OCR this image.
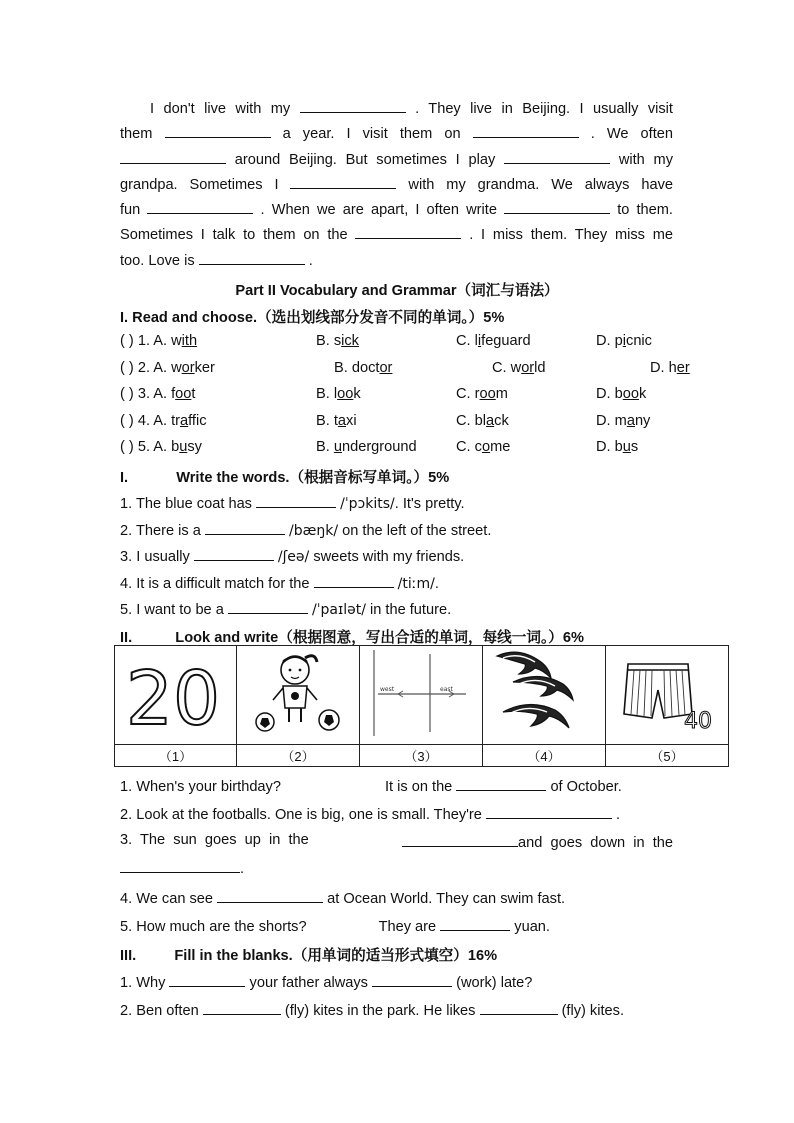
I don't live with my	. They live in Beijing. I usually visit
them	a year. I visit them on	. We often
around Beijing. But sometimes I play	with my
grandpa. Sometimes I	with my grandma. We always have
fun	. When we are apart, I often write	to them.
Sometimes I talk to them on the	. I miss them. They miss me
too. Love is	.
Part II Vocabulary and Grammar（词汇与语法）
I. Read and choose.（选出划线部分发音不同的单词。）5%
( ) 1. A. with	B. sick	C. lifeguard	D. picnic
( ) 2. A. worker	B. doctor	C. world	D. her
( ) 3. A. foot	B. look	C. room	D. book
( ) 4. A. traffic	B. taxi	C. black	D. many
( ) 5. A. busy	B. underground	C. come	D. bus
I.	Write the words.（根据音标写单词。）5%
1. The blue coat has	/ˈpɔkits/. It's pretty.
2. There is a	/bæŋk/ on the left of the street.
3. I usually	/ʃeə/ sweets with my friends.
4. It is a difficult match for the	/tiːm/.
5. I want to be a	/ˈpaɪlət/ in the future.
II.	Look and write（根据图意，写出合适的单词，每线一词。）6%
20		west east		40

（1）	（2）	（3）	（4）	（5）
1. When's your birthday?	It is on the	of October.
2. Look at the footballs. One is big, one is small. They're	.
3.  The  sun  goes  up  in  the	and  goes  down  in  the
.
4. We can see	at Ocean World. They can swim fast.
5. How much are the shorts?	They are	yuan.
III.	Fill in the blanks.（用单词的适当形式填空）16%
1. Why	your father always	(work) late?
2. Ben often	(fly) kites in the park. He likes	(fly) kites.
